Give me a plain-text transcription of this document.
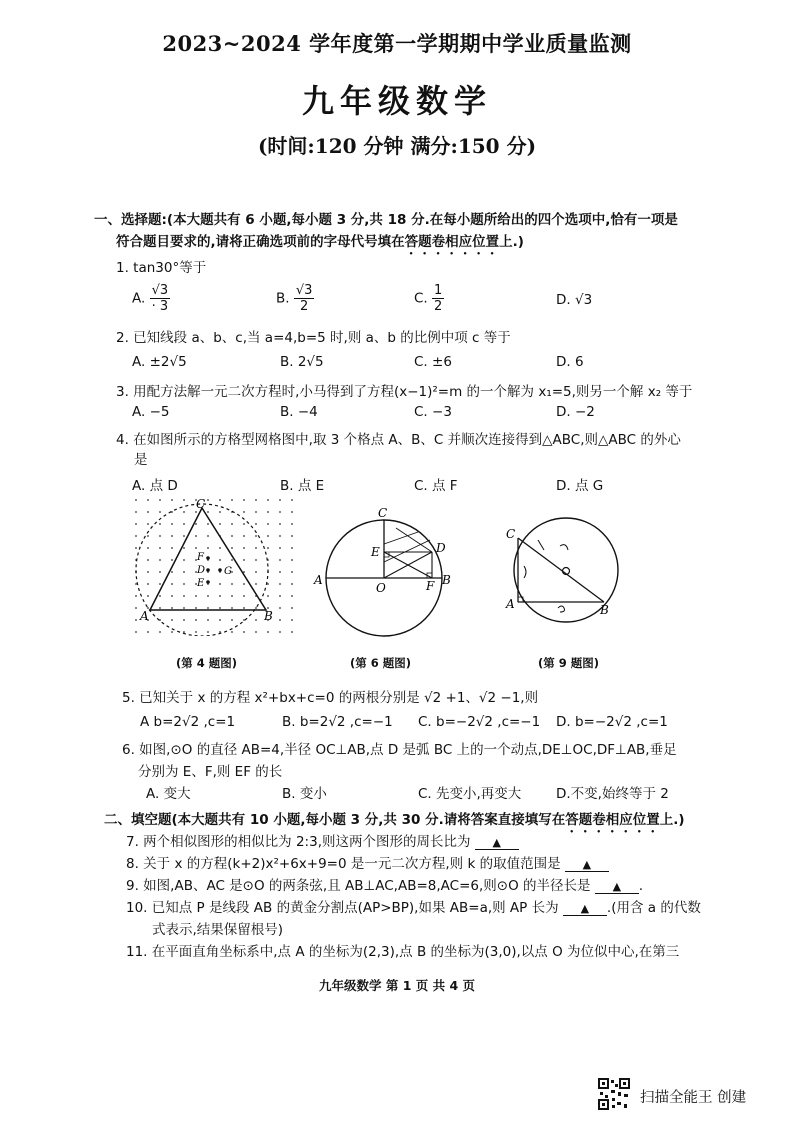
2023~2024 学年度第一学期期中学业质量监测
九年级数学
(时间:120 分钟 满分:150 分)
一、选择题:(本大题共有 6 小题,每小题 3 分,共 18 分.在每小题所给出的四个选项中,恰有一项是
符合题目要求的,请将正确选项前的字母代号填在答题卷相应位置上.)
1. tan30°等于
A. $\frac{√3}{\cdot 3}$	B. $\frac{√3}{2}$	C. $\frac{1}{2}$	D. √3
2. 已知线段 a、b、c,当 a=4,b=5 时,则 a、b 的比例中项 c 等于
A. ±2√5	B. 2√5	C. ±6	D. 6
3. 用配方法解一元二次方程时,小马得到了方程(x−1)²=m 的一个解为 x₁=5,则另一个解 x₂ 等于
A. −5	B. −4	C. −3	D. −2
4. 在如图所示的方格型网格图中,取 3 个格点 A、B、C 并顺次连接得到△ABC,则△ABC 的外心
是
A. 点 D	B. 点 E	C. 点 F	D. 点 G
C
F
D G
E
A	B
(第 4 题图)
C
E	D
A
O	F B
(第 6 题图)
C
A	B
(第 9 题图)
5. 已知关于 x 的方程 x²+bx+c=0 的两根分别是 √2 +1、√2 −1,则
A b=2√2 ,c=1	B. b=2√2 ,c=−1 C. b=−2√2 ,c=−1 D. b=−2√2 ,c=1
6. 如图,⊙O 的直径 AB=4,半径 OC⊥AB,点 D 是弧 BC 上的一个动点,DE⊥OC,DF⊥AB,垂足
分别为 E、F,则 EF 的长
A. 变大	B. 变小	C. 先变小,再变大	D.不变,始终等于 2
二、填空题(本大题共有 10 小题,每小题 3 分,共 30 分.请将答案直接填写在答题卷相应位置上.)
7. 两个相似图形的相似比为 2:3,则这两个图形的周长比为 ▲
8. 关于 x 的方程(k+2)x²+6x+9=0 是一元二次方程,则 k 的取值范围是 ▲
9. 如图,AB、AC 是⊙O 的两条弦,且 AB⊥AC,AB=8,AC=6,则⊙O 的半径长是 ▲ .
10. 已知点 P 是线段 AB 的黄金分割点(AP>BP),如果 AB=a,则 AP 长为 ▲ .(用含 a 的代数
式表示,结果保留根号)
11. 在平面直角坐标系中,点 A 的坐标为(2,3),点 B 的坐标为(3,0),以点 O 为位似中心,在第三
九年级数学 第 1 页 共 4 页
扫描全能王 创建
